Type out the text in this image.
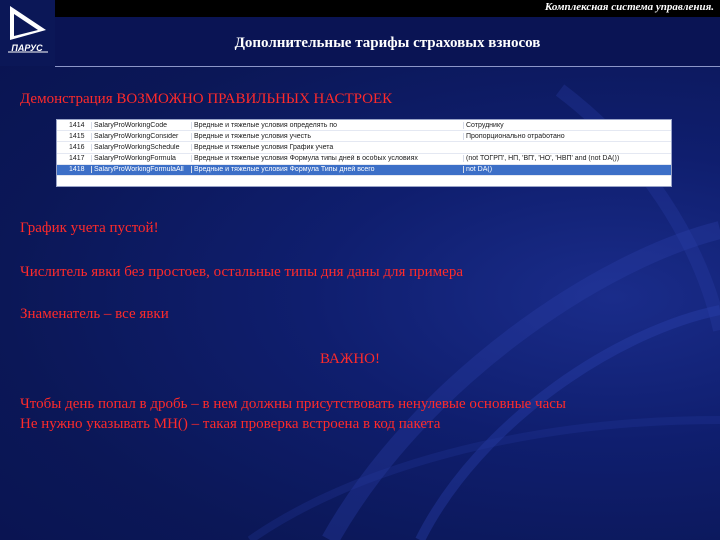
ПАРУС
Комплексная система управления.
Дополнительные тарифы страховых взносов
Демонстрация ВОЗМОЖНО ПРАВИЛЬНЫХ НАСТРОЕК
1414	SalaryProWorkingCode	Вредные и тяжелые условия определять по	Сотруднику
1415	SalaryProWorkingConsider	Вредные и тяжелые условия учесть	Пропорционально отработано
1416	SalaryProWorkingSchedule	Вредные и тяжелые условия График учета
1417	SalaryProWorkingFormula	Вредные и тяжелые условия Формула типы дней в особых условиях	(not ТОГРП', НП, 'ВП', 'НО', 'НВП' and (not DA())
1418	SalaryProWorkingFormulaAll	Вредные и тяжелые условия Формула Типы дней всего	not DA()
График учета пустой!
Числитель явки без простоев, остальные типы дня даны для примера
Знаменатель – все явки
ВАЖНО!
Чтобы день попал в дробь – в нем должны присутствовать ненулевые основные часы
Не нужно указывать МН() – такая проверка встроена в код пакета
